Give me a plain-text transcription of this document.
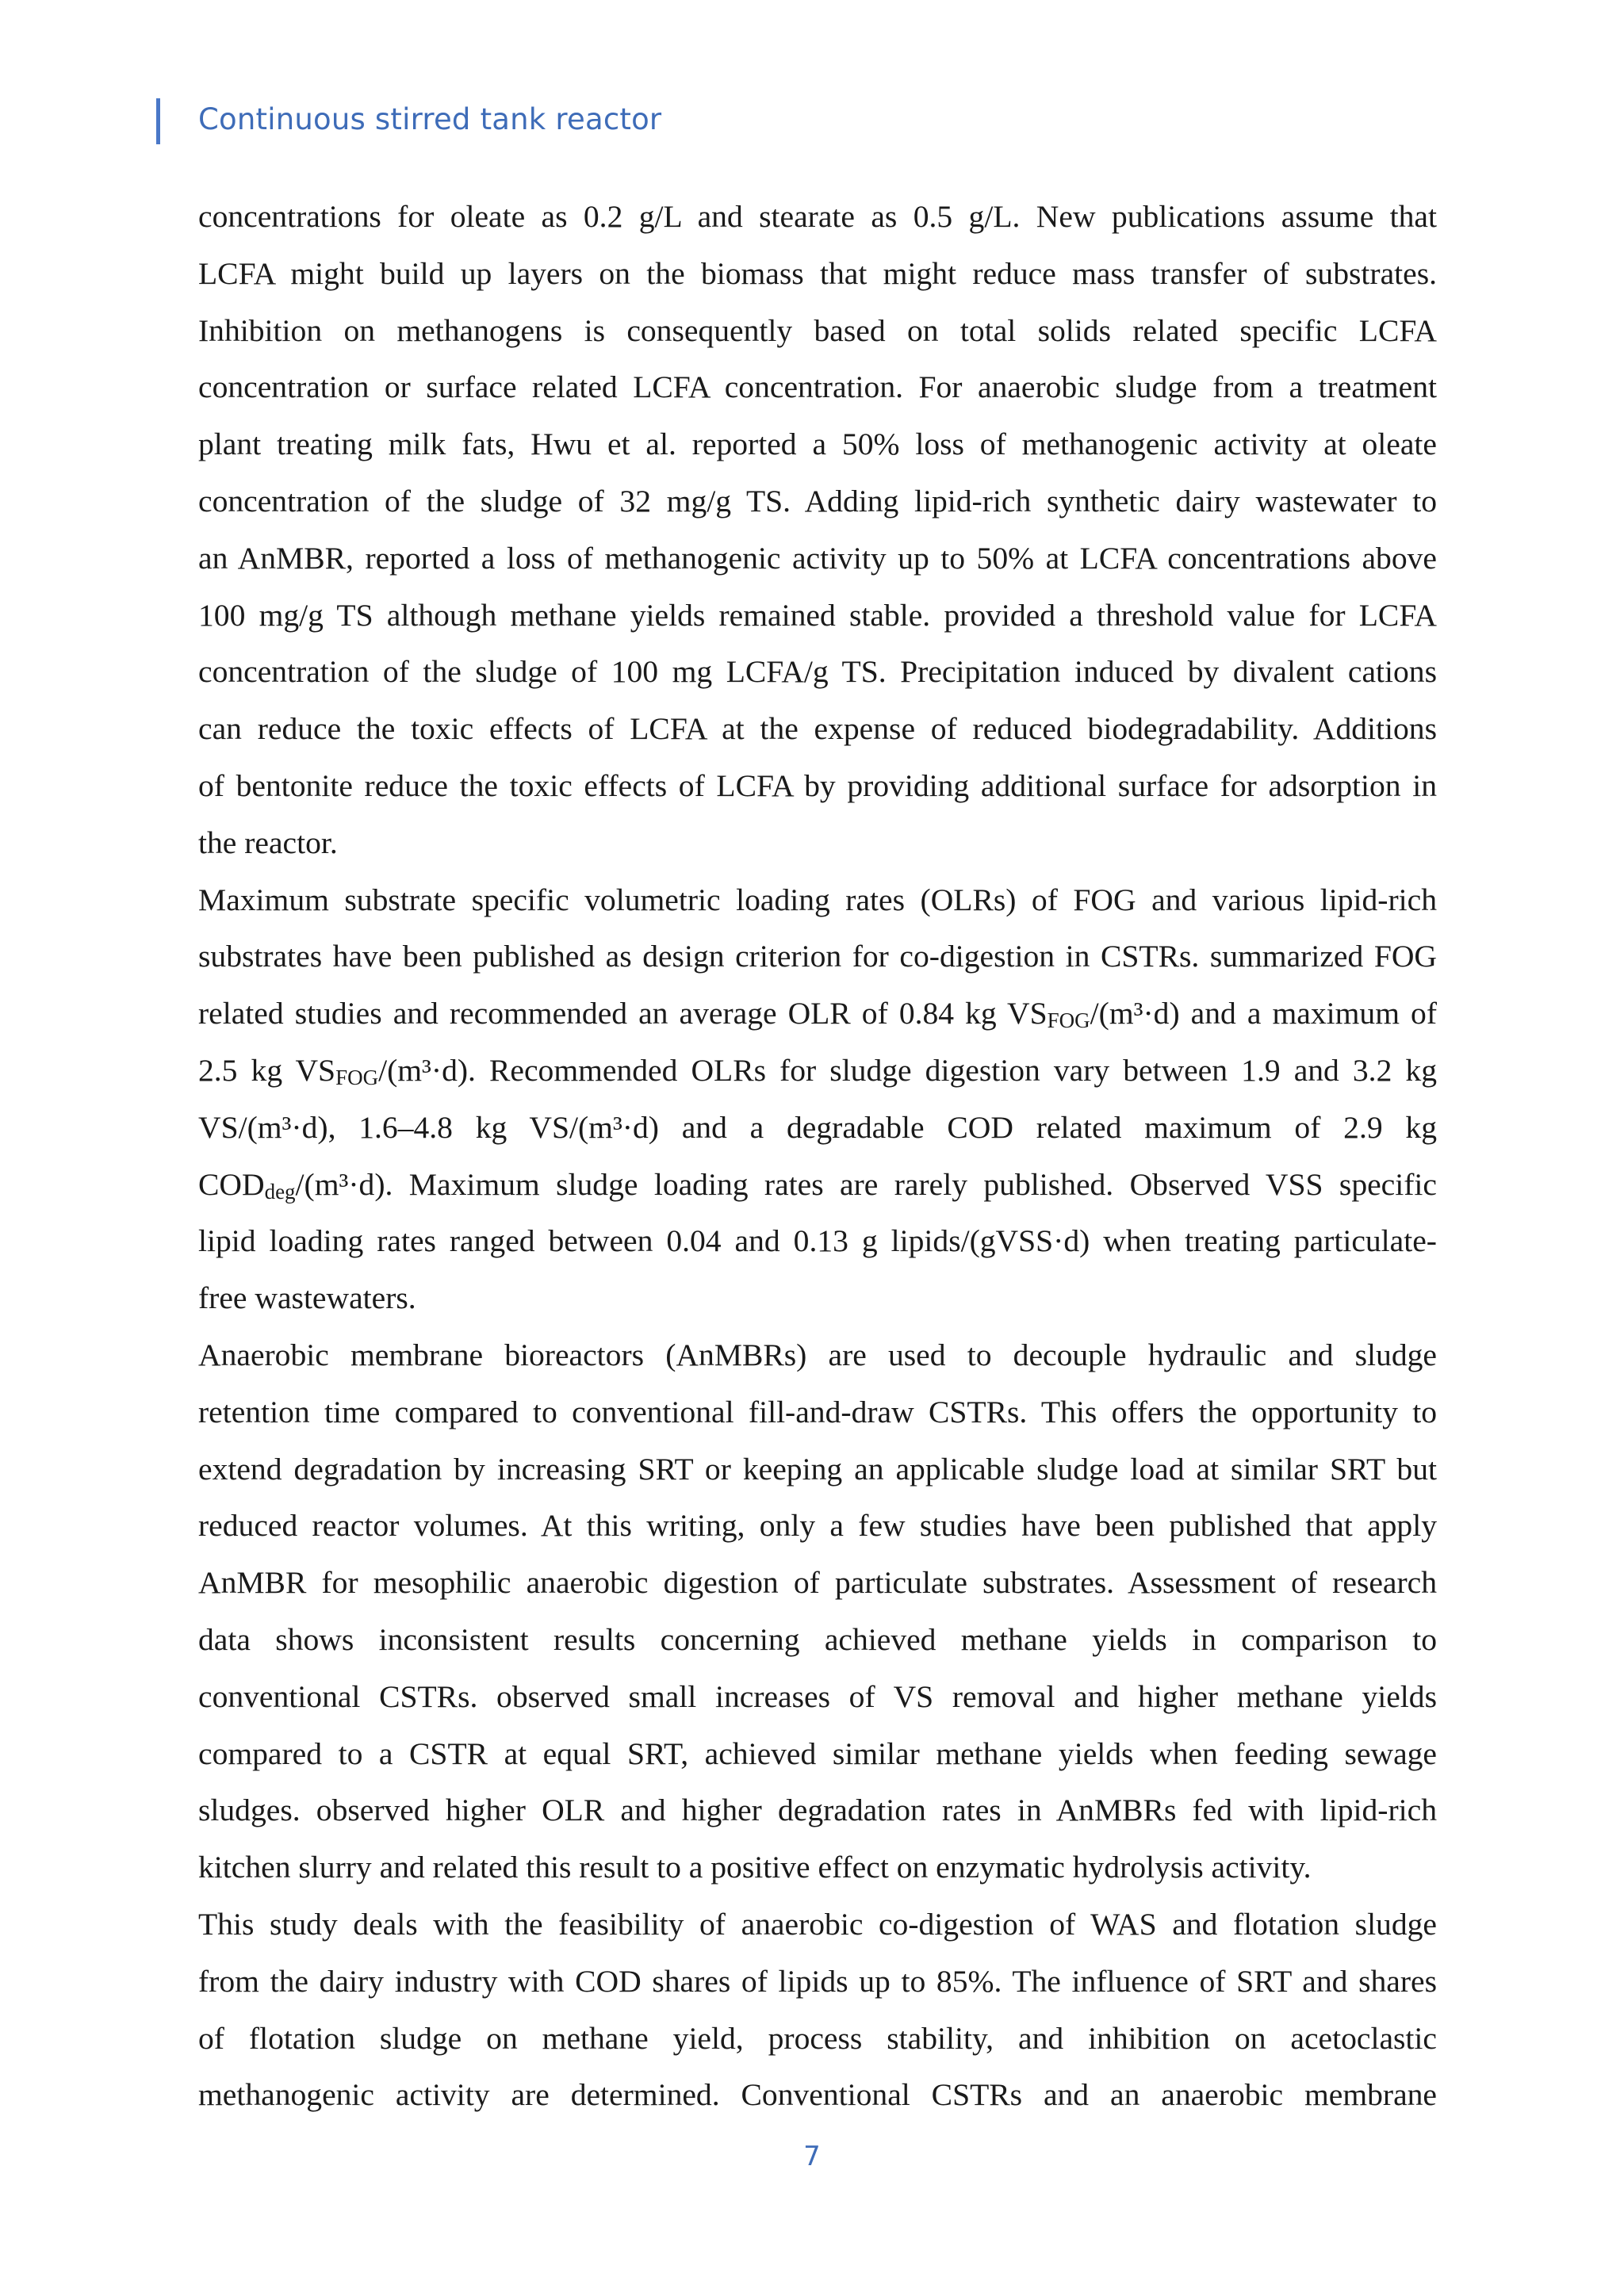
Continuous stirred tank reactor
concentrations for oleate as 0.2 g/L and stearate as 0.5 g/L. New publications assume that
LCFA might build up layers on the biomass that might reduce mass transfer of substrates.
Inhibition on methanogens is consequently based on total solids related specific LCFA
concentration or surface related LCFA concentration. For anaerobic sludge from a treatment
plant treating milk fats, Hwu et al. reported a 50% loss of methanogenic activity at oleate
concentration of the sludge of 32 mg/g TS. Adding lipid-rich synthetic dairy wastewater to
an AnMBR, reported a loss of methanogenic activity up to 50% at LCFA concentrations above
100 mg/g TS although methane yields remained stable. provided a threshold value for LCFA
concentration of the sludge of 100 mg LCFA/g TS. Precipitation induced by divalent cations
can reduce the toxic effects of LCFA at the expense of reduced biodegradability. Additions
of bentonite reduce the toxic effects of LCFA by providing additional surface for adsorption in
the reactor.
Maximum substrate specific volumetric loading rates (OLRs) of FOG and various lipid-rich
substrates have been published as design criterion for co-digestion in CSTRs. summarized FOG
related studies and recommended an average OLR of 0.84 kg VSFOG/(m³·d) and a maximum of
2.5 kg VSFOG/(m³·d). Recommended OLRs for sludge digestion vary between 1.9 and 3.2 kg
VS/(m³·d), 1.6–4.8 kg VS/(m³·d) and a degradable COD related maximum of 2.9 kg
CODdeg/(m³·d). Maximum sludge loading rates are rarely published. Observed VSS specific
lipid loading rates ranged between 0.04 and 0.13 g lipids/(gVSS·d) when treating particulate-
free wastewaters.
Anaerobic membrane bioreactors (AnMBRs) are used to decouple hydraulic and sludge
retention time compared to conventional fill-and-draw CSTRs. This offers the opportunity to
extend degradation by increasing SRT or keeping an applicable sludge load at similar SRT but
reduced reactor volumes. At this writing, only a few studies have been published that apply
AnMBR for mesophilic anaerobic digestion of particulate substrates. Assessment of research
data shows inconsistent results concerning achieved methane yields in comparison to
conventional CSTRs. observed small increases of VS removal and higher methane yields
compared to a CSTR at equal SRT, achieved similar methane yields when feeding sewage
sludges. observed higher OLR and higher degradation rates in AnMBRs fed with lipid-rich
kitchen slurry and related this result to a positive effect on enzymatic hydrolysis activity.
This study deals with the feasibility of anaerobic co-digestion of WAS and flotation sludge
from the dairy industry with COD shares of lipids up to 85%. The influence of SRT and shares
of flotation sludge on methane yield, process stability, and inhibition on acetoclastic
methanogenic activity are determined. Conventional CSTRs and an anaerobic membrane

7
